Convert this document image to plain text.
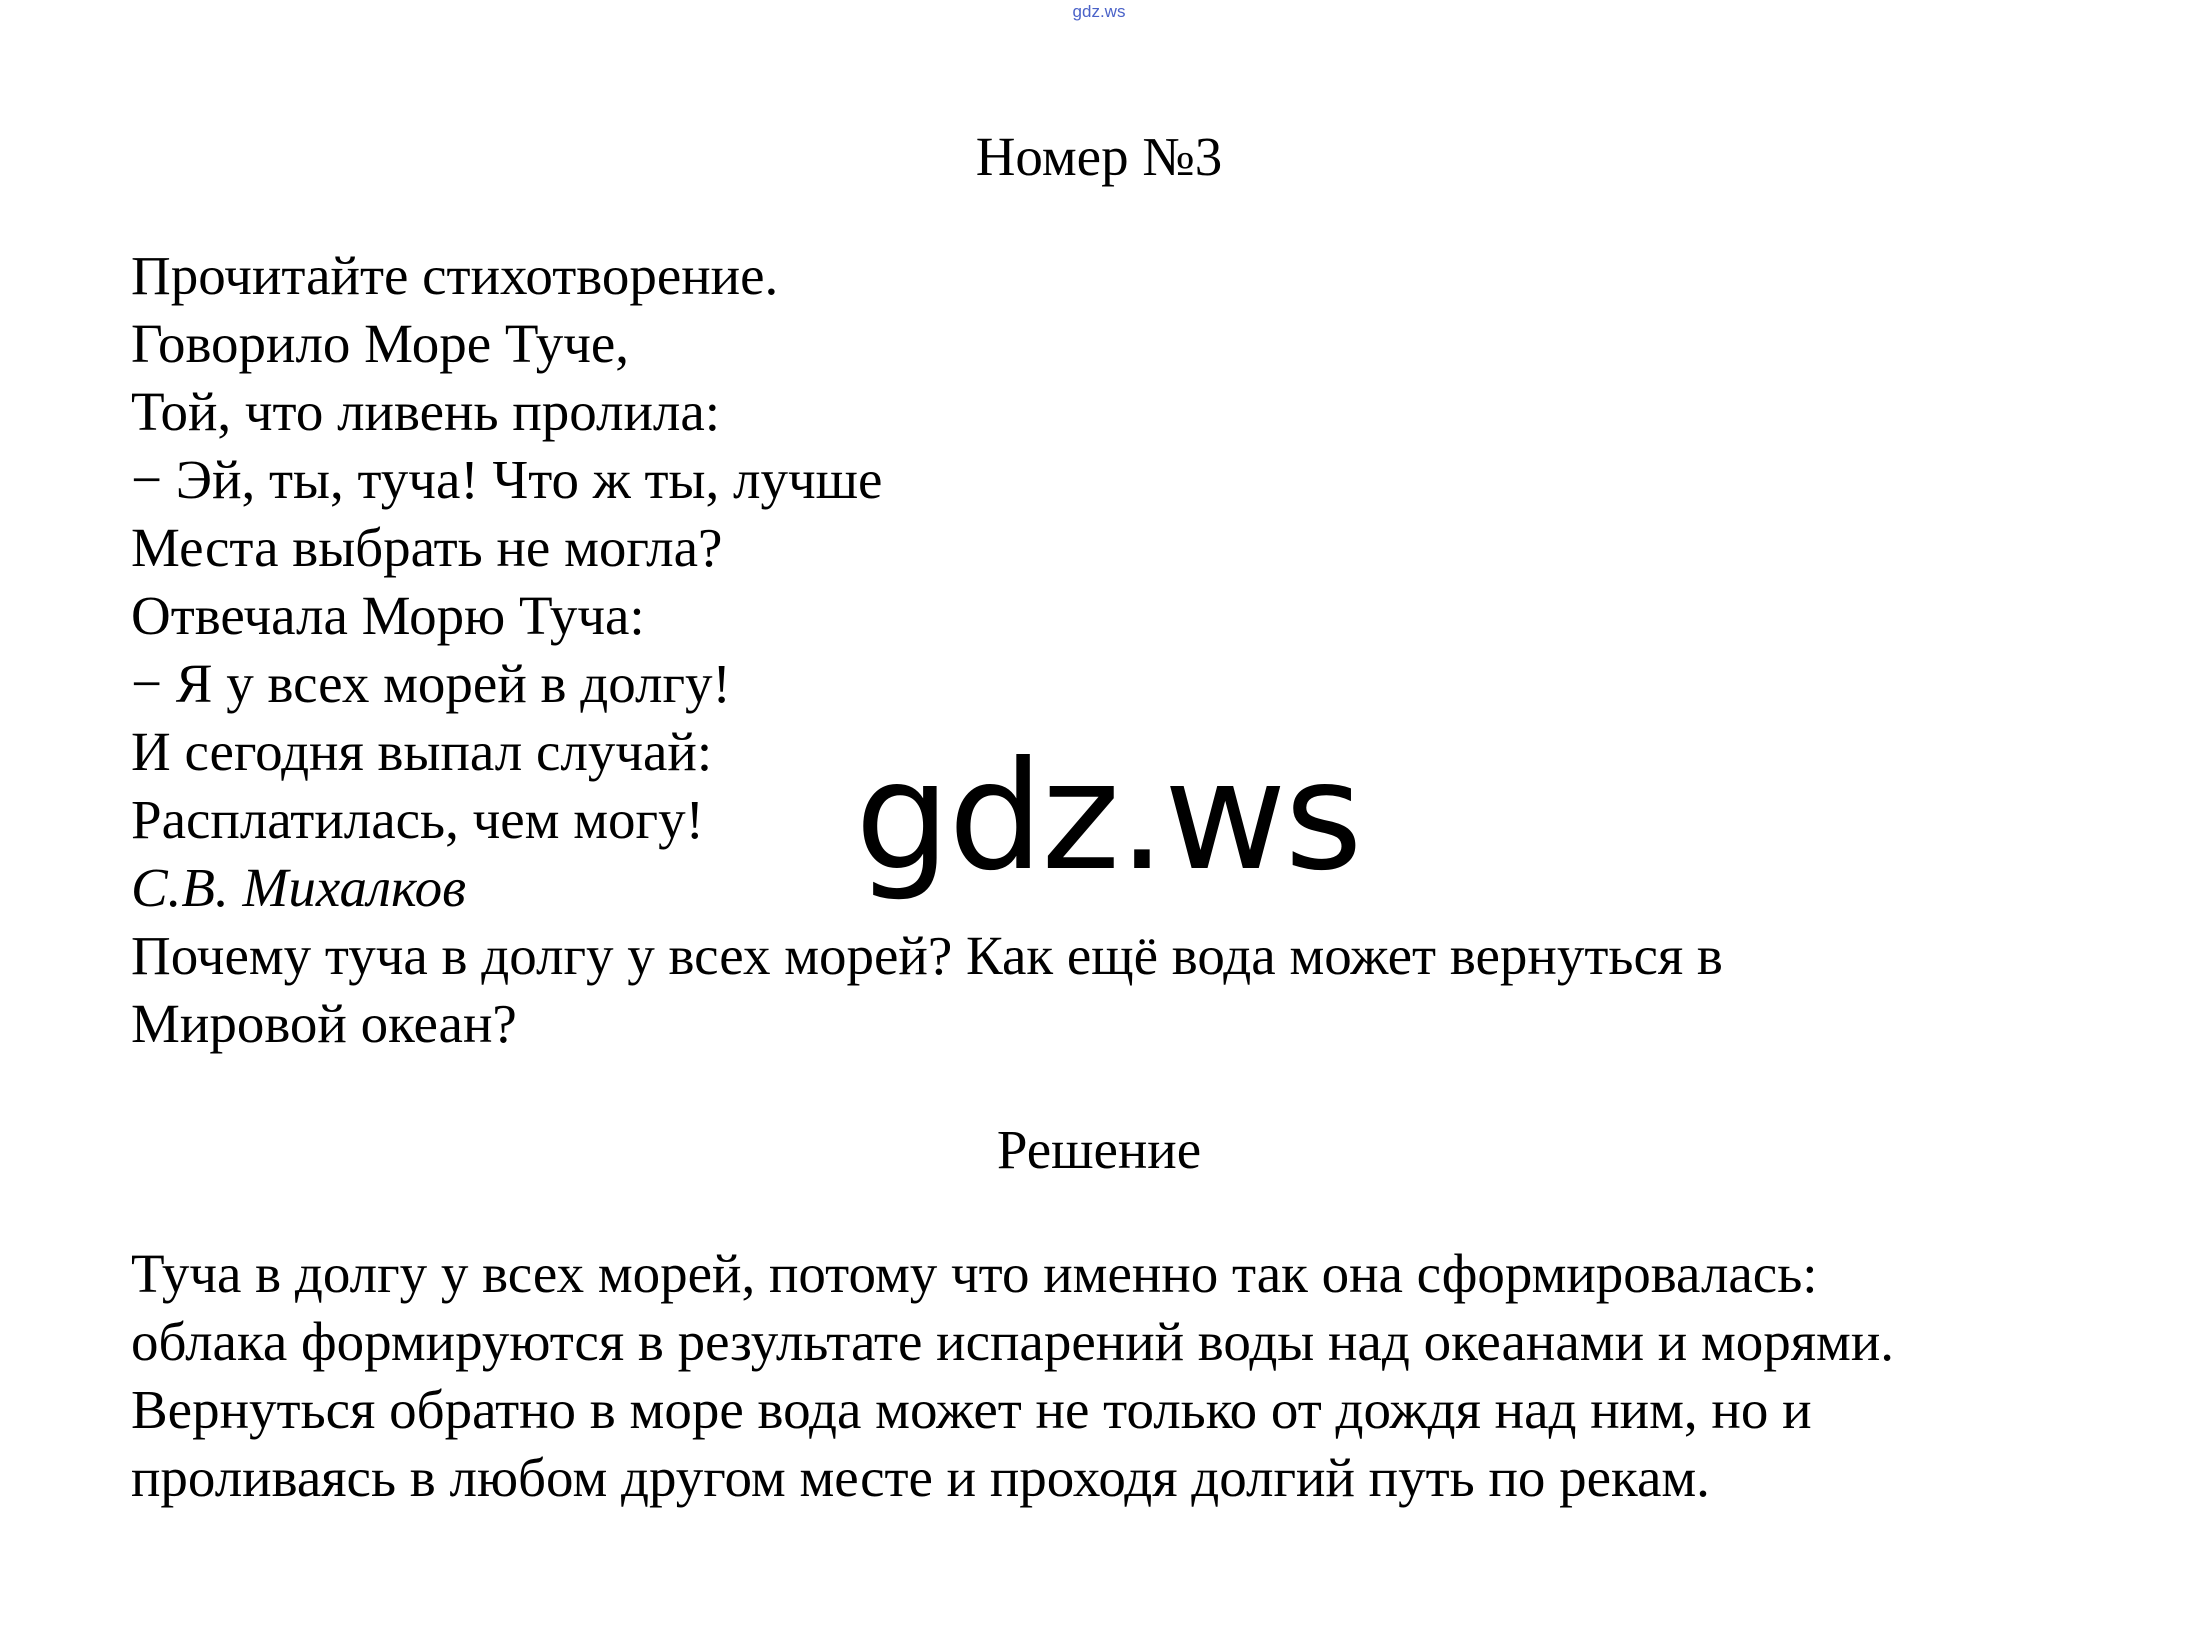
gdz.ws
Номер №3
Прочитайте стихотворение.
Говорило Море Туче,
Той, что ливень пролила:
− Эй, ты, туча! Что ж ты, лучше
Места выбрать не могла?
Отвечала Морю Туча:
− Я у всех морей в долгу!
И сегодня выпал случай:
Расплатилась, чем могу!
С.В. Михалков
Почему туча в долгу у всех морей? Как ещё вода может вернуться в
Мировой океан?
Решение
Туча в долгу у всех морей, потому что именно так она сформировалась:
облака формируются в результате испарений воды над океанами и морями.
Вернуться обратно в море вода может не только от дождя над ним, но и
проливаясь в любом другом месте и проходя долгий путь по рекам.
gdz.ws
